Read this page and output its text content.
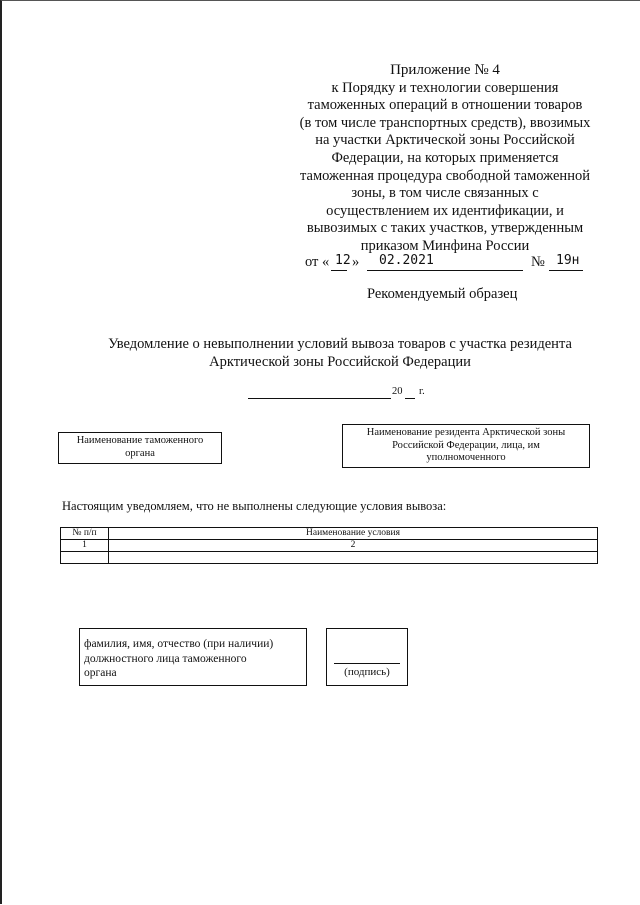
Приложение № 4
к Порядку и технологии совершения
таможенных операций в отношении товаров
(в том числе транспортных средств), ввозимых
на участки Арктической зоны Российской
Федерации, на которых применяется
таможенная процедура свободной таможенной
зоны, в том числе связанных с
осуществлением их идентификации, и
вывозимых с таких участков, утвержденным
приказом Минфина России
от « 12 » 02.2021	№ 19н
Рекомендуемый образец
Уведомление о невыполнении условий вывоза товаров с участка резидента
Арктической зоны Российской Федерации
20 г.
Наименование таможенного
органа
Наименование резидента Арктической зоны
Российской Федерации, лица, им
уполномоченного
Настоящим уведомляем, что не выполнены следующие условия вывоза:
№ п/п	Наименование условия
1	2

фамилия, имя, отчество (при наличии)
должностного лица таможенного
органа	(подпись)
